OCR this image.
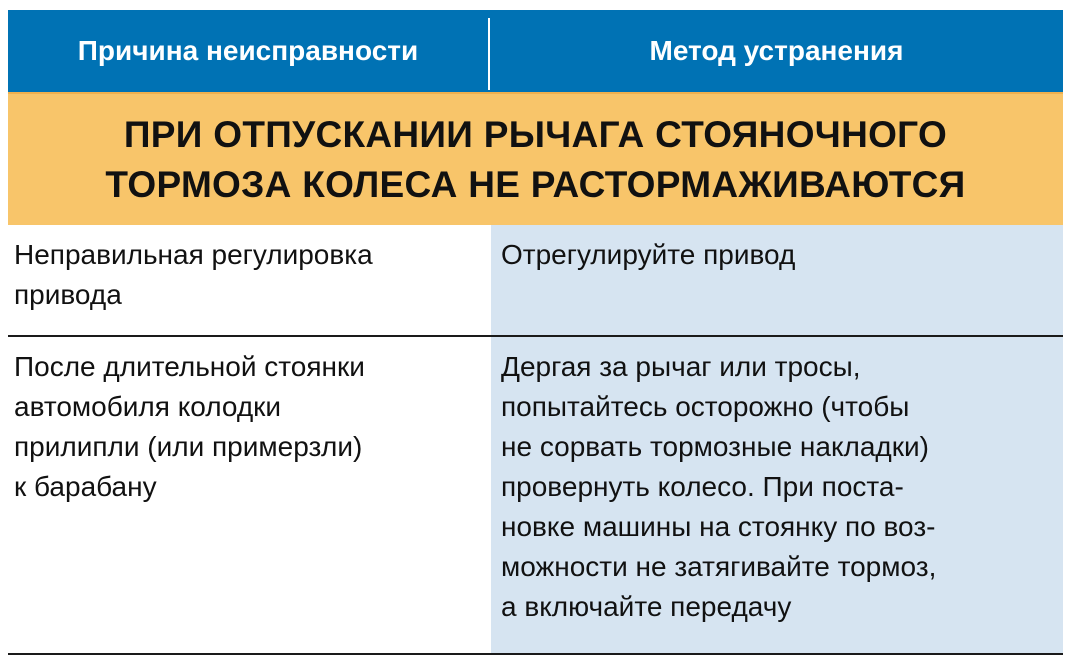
Причина неисправности	Метод устранения
ПРИ ОТПУСКАНИИ РЫЧАГА СТОЯНОЧНОГО
ТОРМОЗА КОЛЕСА НЕ РАСТОРМАЖИВАЮТСЯ
Неправильная регулировка
привода
Отрегулируйте привод
После длительной стоянки
автомобиля колодки
прилипли (или примерзли)
к барабану
Дергая за рычаг или тросы,
попытайтесь осторожно (чтобы
не сорвать тормозные накладки)
провернуть колесо. При поста-
новке машины на стоянку по воз-
можности не затягивайте тормоз,
а включайте передачу
